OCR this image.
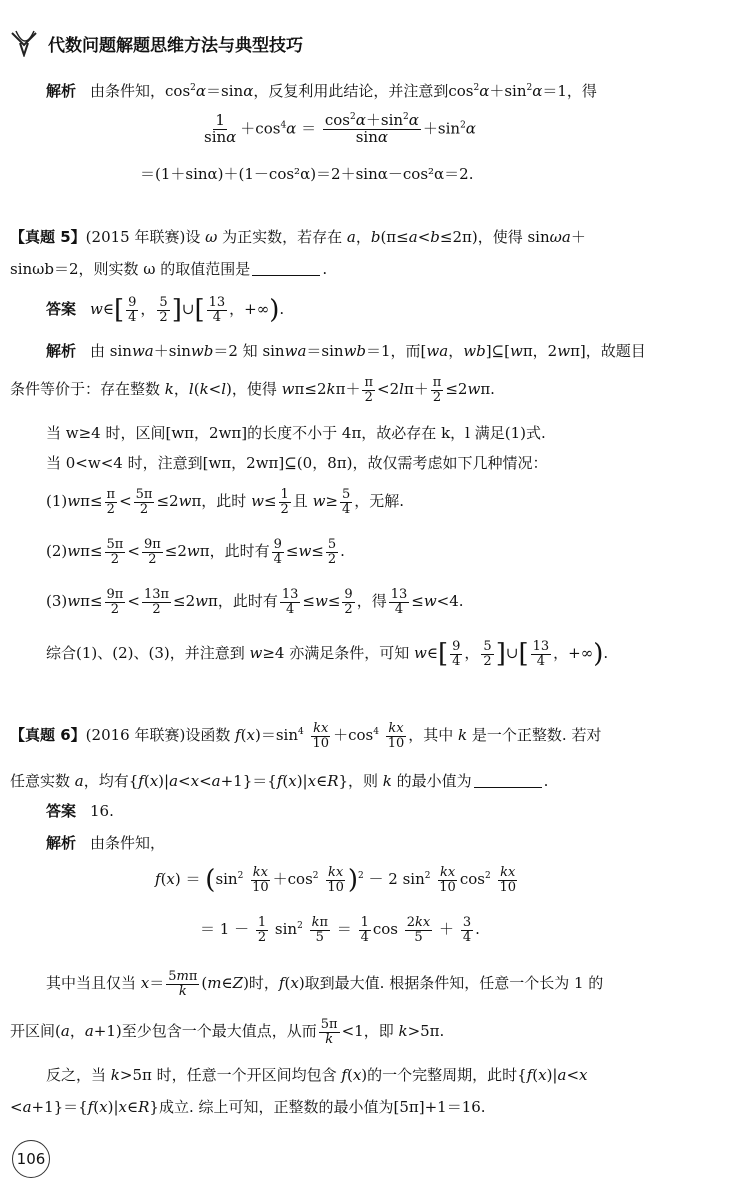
代数问题解题思维方法与典型技巧
解析 由条件知，$\cos^2\alpha=\sin\alpha$，反复利用此结论，并注意到$\cos^2\alpha+\sin^2\alpha=1$，得
$\frac{1}{\sin\alpha} +\cos^4\alpha = \frac{\cos^2\alpha+\sin^2\alpha}{\sin\alpha} +\sin^2\alpha$
＝(1＋sinα)＋(1－cos²α)＝2＋sinα－cos²α＝2.
【真题 5】(2015 年联赛)设 ω 为正实数，若存在 a，b(π≤a<b≤2π)，使得 sinωa＋
sinωb＝2，则实数 ω 的取值范围是	.
答案 w∈[ $\frac{9}{4}$ ， $\frac{5}{2}$ ]∪[ $\frac{13}{4}$ ，+∞).
解析 由 sinwa＋sinwb＝2 知 sinwa＝sinwb＝1，而[wa，wb]⊆[wπ，2wπ]，故题目
条件等价于：存在整数 k，l(k<l)，使得 $w\pi\le 2k\pi+ \frac{\pi}{2} <2l\pi+ \frac{\pi}{2} \le 2w\pi$.
当 w≥4 时，区间[wπ，2wπ]的长度不小于 4π，故必存在 k，l 满足(1)式.
当 0<w<4 时，注意到[wπ，2wπ]⊆(0，8π)，故仅需考虑如下几种情况：
$(1)w\pi\le \frac{\pi}{2} < \frac{5\pi}{2} \le 2w\pi$，此时 $w\le \frac{1}{2}$ 且 $w\ge \frac{5}{4}$ ，无解.
$(2)w\pi\le \frac{5\pi}{2} < \frac{9\pi}{2} \le 2w\pi$，此时有 $\frac{9}{4} \le w\le \frac{5}{2}$ .
$(3)w\pi\le \frac{9\pi}{2} < \frac{13\pi}{2} \le 2w\pi$，此时有 $\frac{13}{4} \le w\le \frac{9}{2}$ ，得 $\frac{13}{4} \le w<4$.
综合(1)、(2)、(3)，并注意到 w≥4 亦满足条件，可知 w∈[ $\frac{9}{4}$ ， $\frac{5}{2}$ ]∪[ $\frac{13}{4}$ ，+∞).
【真题 6】(2016 年联赛)设函数 $f(x)=\sin^4 \frac{kx}{10} +\cos^4 \frac{kx}{10}$ ，其中 k 是一个正整数. 若对
任意实数 a，均有{f(x)|a<x<a+1}＝{f(x)|x∈R}，则 k 的最小值为	.
答案 16.
解析 由条件知，
$f(x) = (\sin^2 \frac{kx}{10} +\cos^2 \frac{kx}{10} )^2 - 2$ $\sin^2 \frac{kx}{10} \cos^2 \frac{kx}{10}$
＝ $1 - \frac{1}{2} \sin^2 \frac{k\pi}{5} = \frac{1}{4}$ $\cos \frac{2kx}{5} + \frac{3}{4}$ .
其中当且仅当 $x= \frac{5m\pi}{k}$ (m∈Z)时，f(x)取到最大值. 根据条件知，任意一个长为 1 的
开区间(a，a+1)至少包含一个最大值点，从而 $\frac{5\pi}{k} <1$，即 k>5π.
反之，当 k>5π 时，任意一个开区间均包含 f(x)的一个完整周期，此时{f(x)|a<x
<a+1}＝{f(x)|x∈R}成立. 综上可知，正整数的最小值为[5π]+1＝16.
106
